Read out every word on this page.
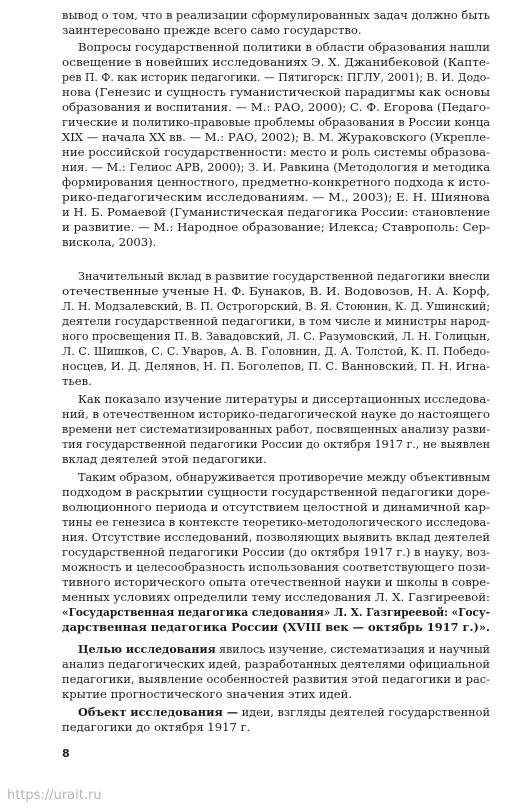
вывод о том, что в реализации сформулированных задач должно быть
заинтересовано прежде всего само государство.
Вопросы государственной политики в области образования нашли
освещение в новейших исследованиях Э. Х. Джанибековой (Капте-
рев П. Ф. как историк педагогики. — Пятигорск: ПГЛУ, 2001); В. И. Додо-
нова (Генезис и сущность гуманистической парадигмы как основы
образования и воспитания. — М.: РАО, 2000); С. Ф. Егорова (Педаго-
гические и политико-правовые проблемы образования в России конца
XIX — начала XX вв. — М.: РАО, 2002); В. М. Жураковского (Укрепле-
ние российской государственности: место и роль системы образова-
ния. — М.: Гелиос АРВ, 2000); З. И. Равкина (Методология и методика
формирования ценностного, предметно-конкретного подхода к исто-
рико-педагогическим исследованиям. — М., 2003); Е. Н. Шиянова
и Н. Б. Ромаевой (Гуманистическая педагогика России: становление
и развитие. — М.: Народное образование; Илекса; Ставрополь: Сер-
вискола, 2003).
Значительный вклад в развитие государственной педагогики внесли
отечественные ученые Н. Ф. Бунаков, В. И. Водовозов, Н. А. Корф,
Л. Н. Модзалевский, В. П. Острогорский, В. Я. Стоюнин, К. Д. Ушинский;
деятели государственной педагогики, в том числе и министры народ-
ного просвещения П. В. Завадовский, Л. С. Разумовский, Л. Н. Голицын,
Л. С. Шишков, С. С. Уваров, А. В. Головнин, Д. А. Толстой, К. П. Победо-
носцев, И. Д. Делянов, Н. П. Боголепов, П. С. Ванновский, П. Н. Игна-
тьев.
Как показало изучение литературы и диссертационных исследова-
ний, в отечественном историко-педагогической науке до настоящего
времени нет систематизированных работ, посвященных анализу разви-
тия государственной педагогики России до октября 1917 г., не выявлен
вклад деятелей этой педагогики.
Таким образом, обнаруживается противоречие между объективным
подходом в раскрытии сущности государственной педагогики доре-
волюционного периода и отсутствием целостной и динамичной кар-
тины ее генезиса в контексте теоретико-методологического исследова-
ния. Отсутствие исследований, позволяющих выявить вклад деятелей
государственной педагогики России (до октября 1917 г.) в науку, воз-
можность и целесообразность использования соответствующего пози-
тивного исторического опыта отечественной науки и школы в совре-
менных условиях определили тему исследования Л. Х. Газгиреевой:
«Государственная педагогика следования» Л. Х. Газгиреевой: «Госу-
дарственная педагогика России (XVIII век — октябрь 1917 г.)».
Целью исследования явилось изучение, систематизация и научный
анализ педагогических идей, разработанных деятелями официальной
педагогики, выявление особенностей развития этой педагогики и рас-
крытие прогностического значения этих идей.
Объект исследования — идеи, взгляды деятелей государственной
педагогики до октября 1917 г.
8
https://urait.ru
